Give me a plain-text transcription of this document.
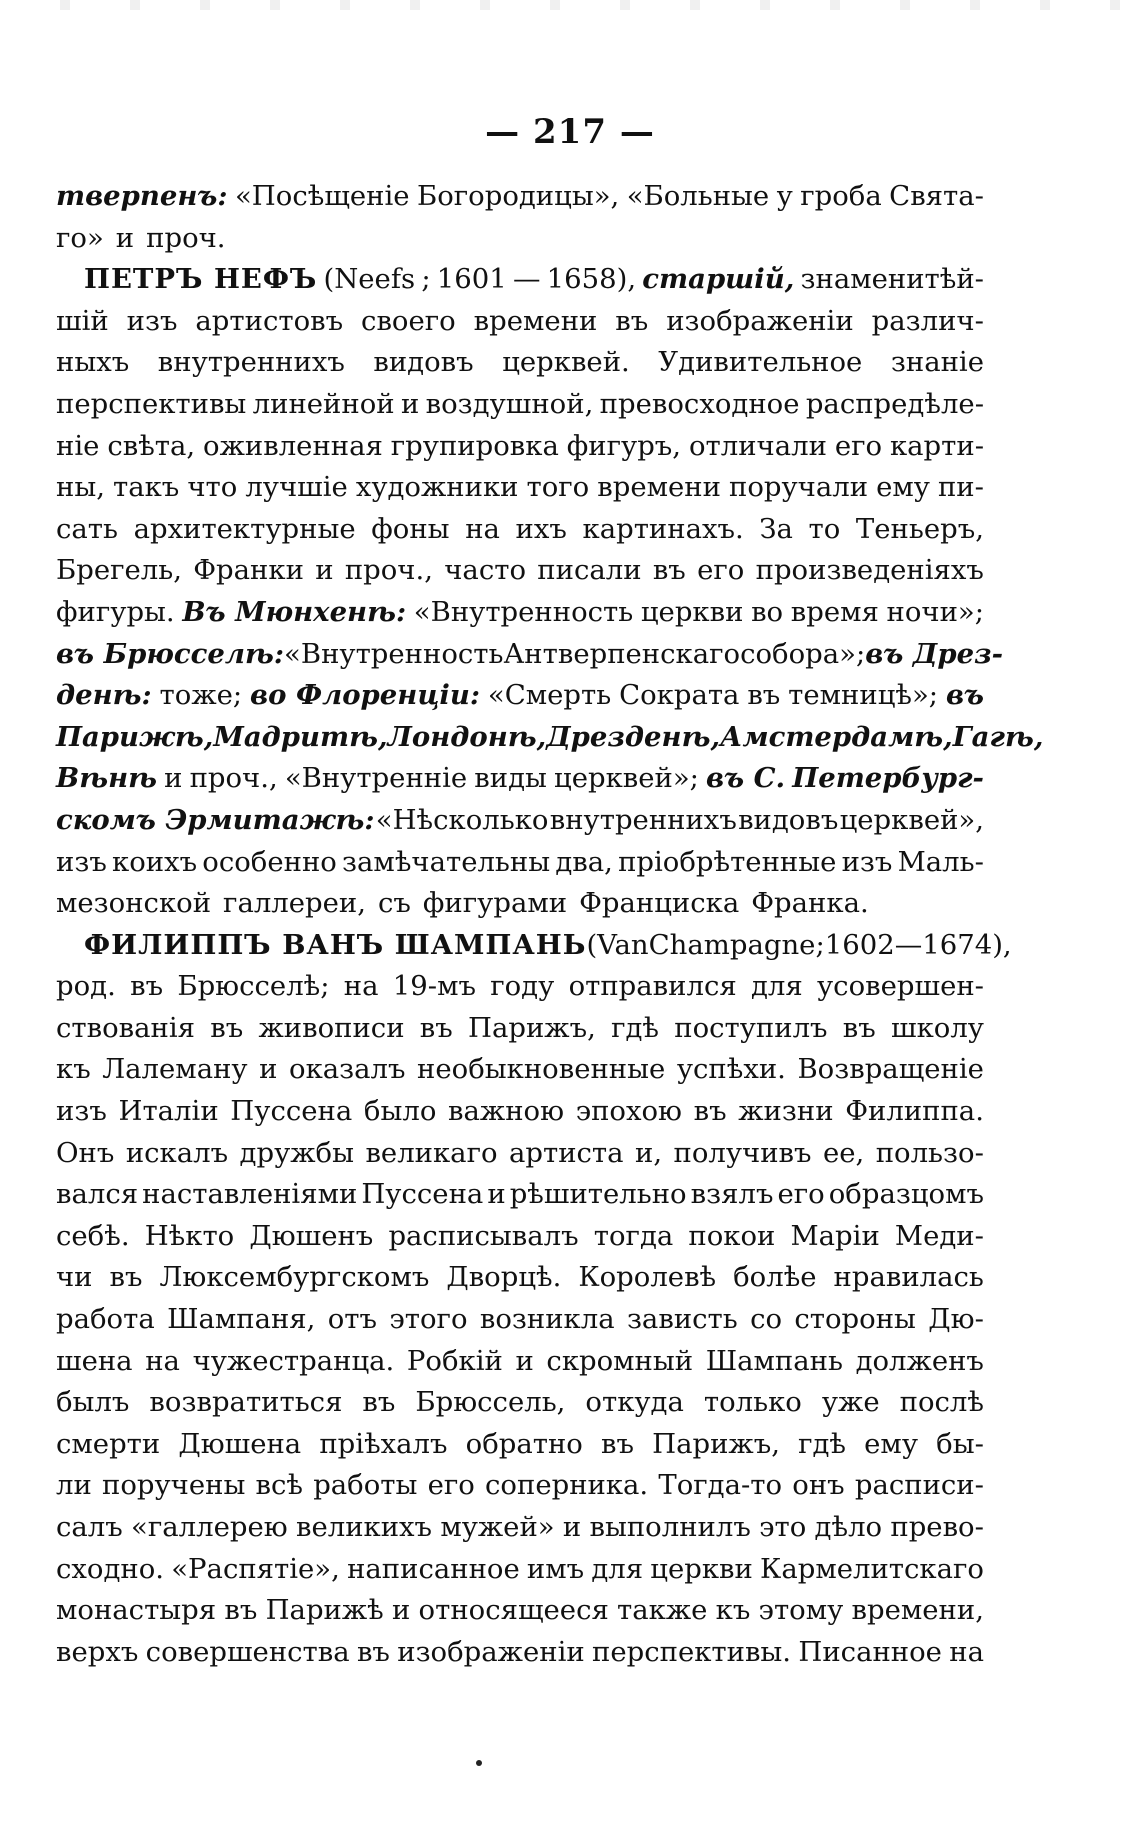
— 217 —
тверпенъ: «Посѣщеніе Богородицы», «Больные у гроба Свята-
го» и проч.
ПЕТРЪ НЕФЪ (Neefs ; 1601 — 1658), старшій, знаменитѣй-
шій изъ артистовъ своего времени въ изображеніи различ-
ныхъ внутреннихъ видовъ церквей. Удивительное знаніе
перспективы линейной и воздушной, превосходное распредѣле-
ніе свѣта, оживленная групировка фигуръ, отличали его карти-
ны, такъ что лучшіе художники того времени поручали ему пи-
сать архитектурные фоны на ихъ картинахъ. За то Теньеръ,
Брегель, Франки и проч., часто писали въ его произведеніяхъ
фигуры. Въ Мюнхенѣ: «Внутренность церкви во время ночи»;
въ Брюсселѣ: «Внутренность Антверпенскаго собора»; въ Дрез-
денѣ: тоже; во Флоренціи: «Смерть Сократа въ темницѣ»; въ
Парижѣ, Мадритѣ, Лондонѣ, Дрезденѣ, Амстердамѣ, Гагѣ,
Вѣнѣ и проч., «Внутренніе виды церквей»; въ С. Петербург-
скомъ Эрмитажѣ: «Нѣсколько внутреннихъ видовъ церквей»,
изъ коихъ особенно замѣчательны два, пріобрѣтенные изъ Маль-
мезонской галлереи, съ фигурами Франциска Франка.
ФИЛИППЪ ВАНЪ ШАМПАНЬ (Van Champagne; 1602 — 1674),
род. въ Брюсселѣ; на 19-мъ году отправился для усовершен-
ствованія въ живописи въ Парижъ, гдѣ поступилъ въ школу
къ Лалеману и оказалъ необыкновенные успѣхи. Возвращеніе
изъ Италіи Пуссена было важною эпохою въ жизни Филиппа.
Онъ искалъ дружбы великаго артиста и, получивъ ее, пользо-
вался наставленіями Пуссена и рѣшительно взялъ его образцомъ
себѣ. Нѣкто Дюшенъ расписывалъ тогда покои Маріи Меди-
чи въ Люксембургскомъ Дворцѣ. Королевѣ болѣе нравилась
работа Шампаня, отъ этого возникла зависть со стороны Дю-
шена на чужестранца. Робкій и скромный Шампань долженъ
былъ возвратиться въ Брюссель, откуда только уже послѣ
смерти Дюшена пріѣхалъ обратно въ Парижъ, гдѣ ему бы-
ли поручены всѣ работы его соперника. Тогда-то онъ расписи-
салъ «галлерею великихъ мужей» и выполнилъ это дѣло прево-
сходно. «Распятіе», написанное имъ для церкви Кармелитскаго
монастыря въ Парижѣ и относящееся также къ этому времени,
верхъ совершенства въ изображеніи перспективы. Писанное на
